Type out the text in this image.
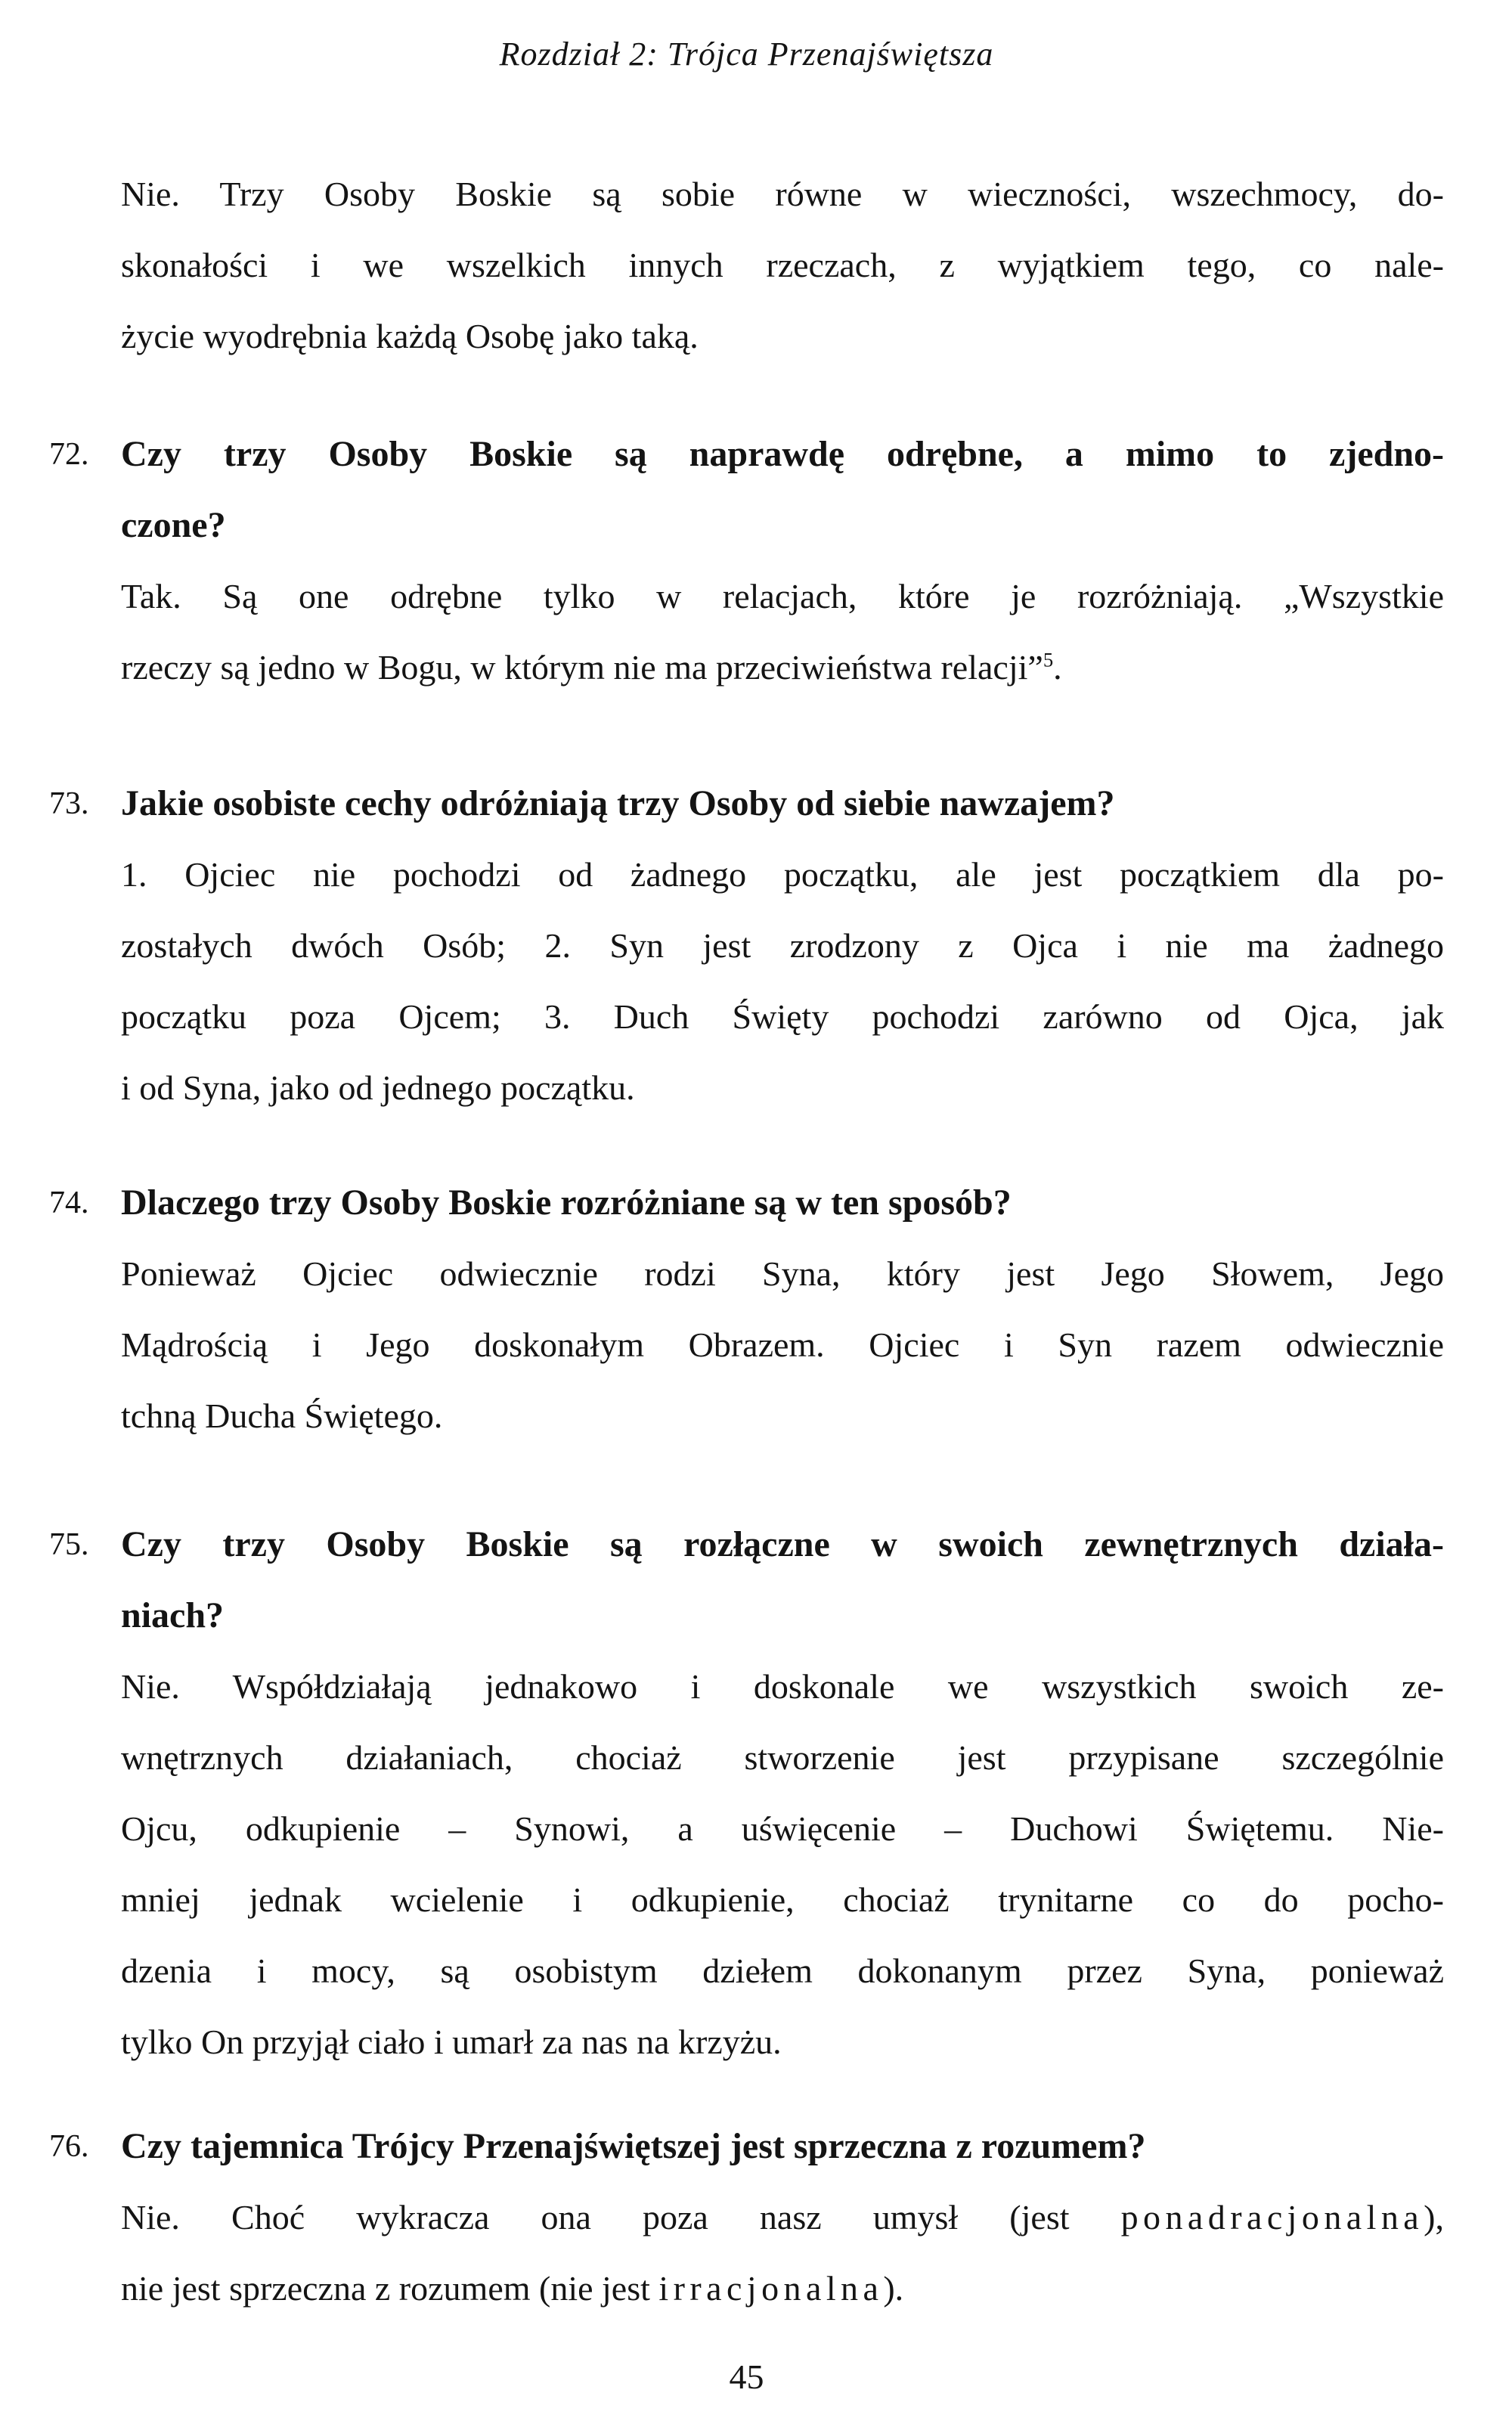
Rozdział 2: Trójca Przenajświętsza
Nie. Trzy Osoby Boskie są sobie równe w wieczności, wszechmocy, do-
skonałości i we wszelkich innych rzeczach, z wyjątkiem tego, co nale-
życie wyodrębnia każdą Osobę jako taką.
72. Czy trzy Osoby Boskie są naprawdę odrębne, a mimo to zjedno-
czone?
Tak. Są one odrębne tylko w relacjach, które je rozróżniają. „Wszystkie
rzeczy są jedno w Bogu, w którym nie ma przeciwieństwa relacji”$^5$.
73. Jakie osobiste cechy odróżniają trzy Osoby od siebie nawzajem?
1. Ojciec nie pochodzi od żadnego początku, ale jest początkiem dla po-
zostałych dwóch Osób; 2. Syn jest zrodzony z Ojca i nie ma żadnego
początku poza Ojcem; 3. Duch Święty pochodzi zarówno od Ojca, jak
i od Syna, jako od jednego początku.
74. Dlaczego trzy Osoby Boskie rozróżniane są w ten sposób?
Ponieważ Ojciec odwiecznie rodzi Syna, który jest Jego Słowem, Jego
Mądrością i Jego doskonałym Obrazem. Ojciec i Syn razem odwiecznie
tchną Ducha Świętego.
75. Czy trzy Osoby Boskie są rozłączne w swoich zewnętrznych działa-
niach?
Nie. Współdziałają jednakowo i doskonale we wszystkich swoich ze-
wnętrznych działaniach, chociaż stworzenie jest przypisane szczególnie
Ojcu, odkupienie – Synowi, a uświęcenie – Duchowi Świętemu. Nie-
mniej jednak wcielenie i odkupienie, chociaż trynitarne co do pocho-
dzenia i mocy, są osobistym dziełem dokonanym przez Syna, ponieważ
tylko On przyjął ciało i umarł za nas na krzyżu.
76. Czy tajemnica Trójcy Przenajświętszej jest sprzeczna z rozumem?
Nie. Choć wykracza ona poza nasz umysł (jest ponadracjonalna),
nie jest sprzeczna z rozumem (nie jest irracjonalna).
45
